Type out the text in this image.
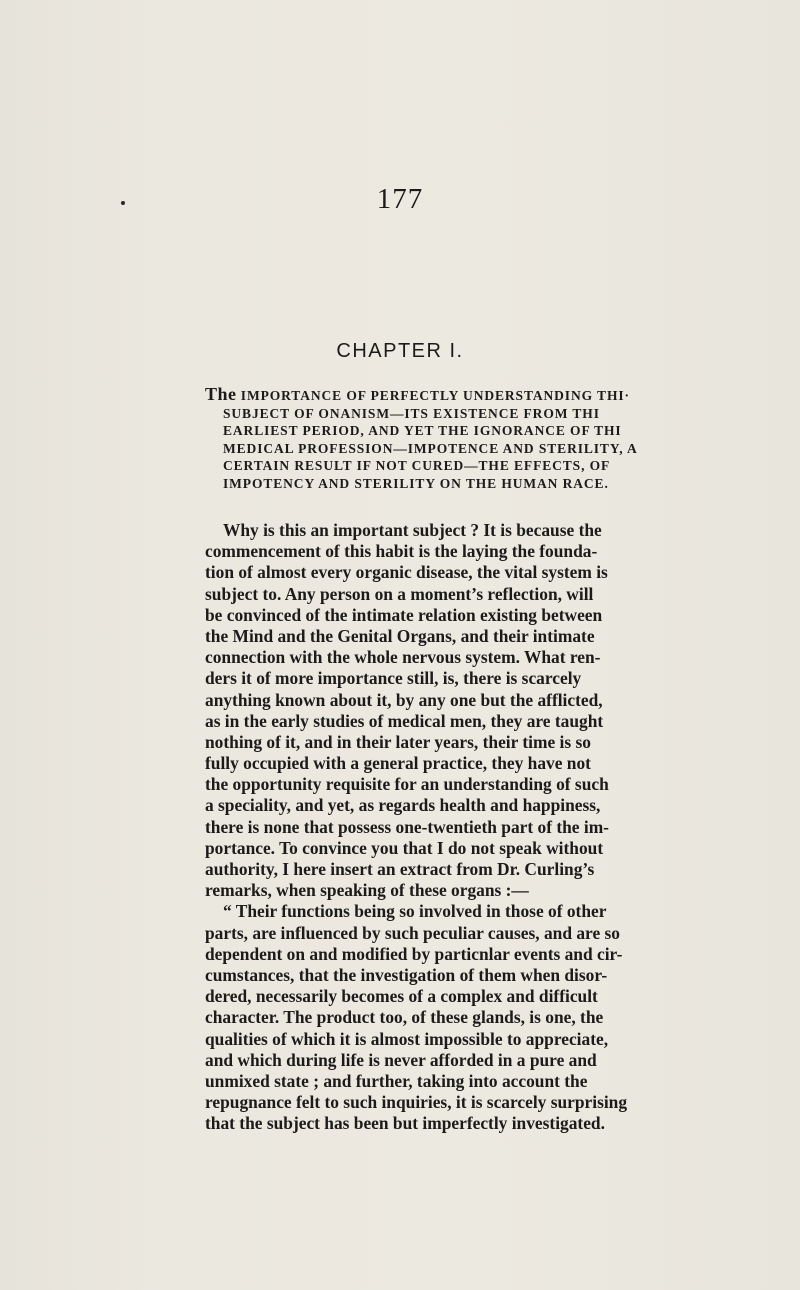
177
CHAPTER I.
The IMPORTANCE OF PERFECTLY UNDERSTANDING THI·
SUBJECT OF ONANISM—ITS EXISTENCE FROM THI
EARLIEST PERIOD, AND YET THE IGNORANCE OF THI
MEDICAL PROFESSION—IMPOTENCE AND STERILITY, A
CERTAIN RESULT IF NOT CURED—THE EFFECTS, OF
IMPOTENCY AND STERILITY ON THE HUMAN RACE.
Why is this an important subject ? It is because the
commencement of this habit is the laying the founda-
tion of almost every organic disease, the vital system is
subject to. Any person on a moment’s reflection, will
be convinced of the intimate relation existing between
the Mind and the Genital Organs, and their intimate
connection with the whole nervous system. What ren-
ders it of more importance still, is, there is scarcely
anything known about it, by any one but the afflicted,
as in the early studies of medical men, they are taught
nothing of it, and in their later years, their time is so
fully occupied with a general practice, they have not
the opportunity requisite for an understanding of such
a speciality, and yet, as regards health and happiness,
there is none that possess one-twentieth part of the im-
portance. To convince you that I do not speak without
authority, I here insert an extract from Dr. Curling’s
remarks, when speaking of these organs :—
“ Their functions being so involved in those of other
parts, are influenced by such peculiar causes, and are so
dependent on and modified by particnlar events and cir-
cumstances, that the investigation of them when disor-
dered, necessarily becomes of a complex and difficult
character. The product too, of these glands, is one, the
qualities of which it is almost impossible to appreciate,
and which during life is never afforded in a pure and
unmixed state ; and further, taking into account the
repugnance felt to such inquiries, it is scarcely surprising
that the subject has been but imperfectly investigated.
